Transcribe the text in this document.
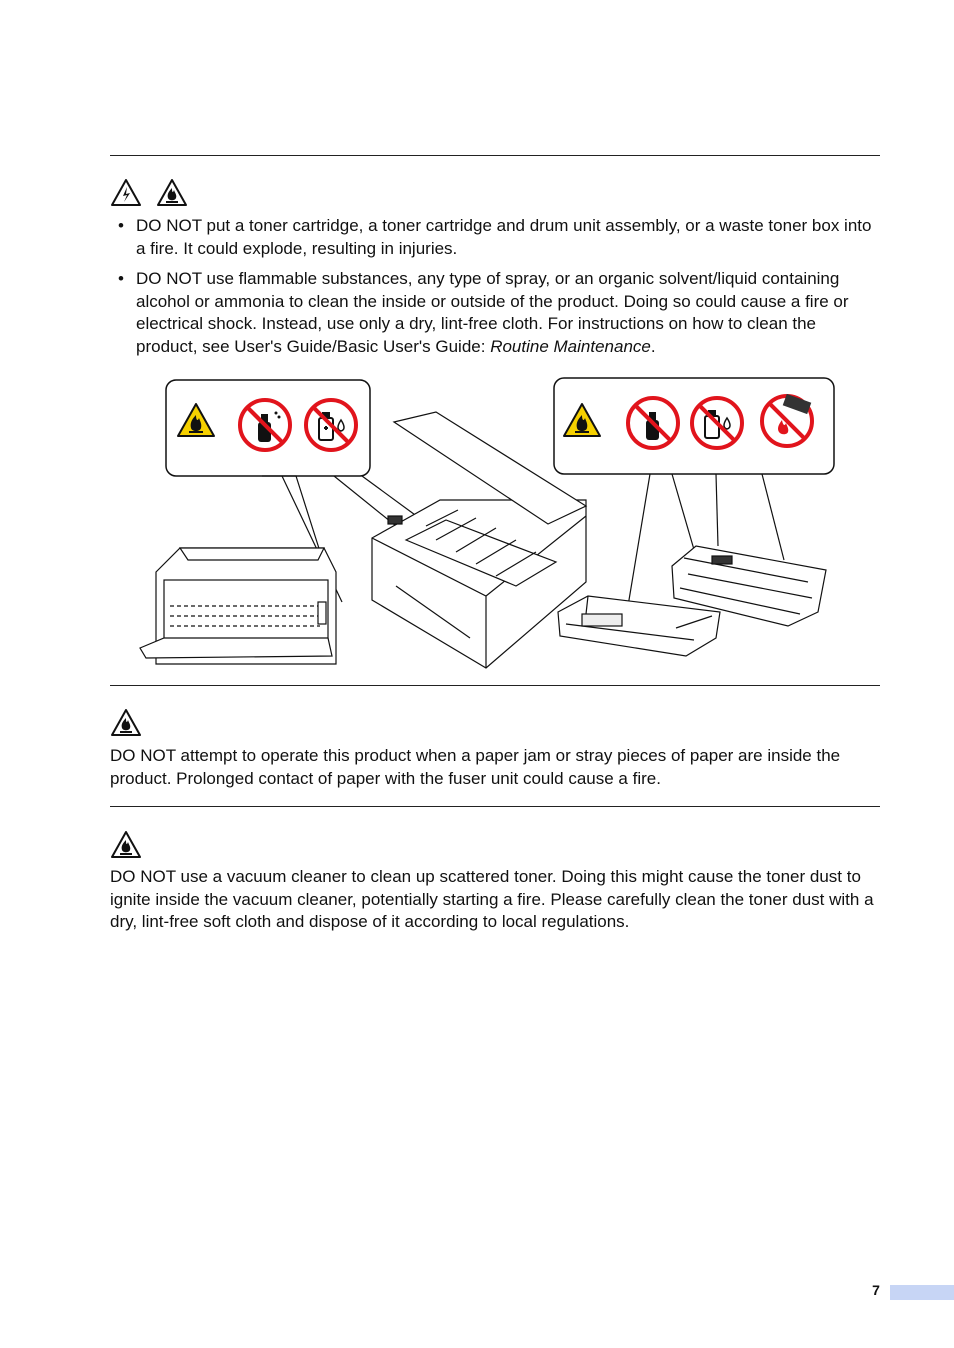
• DO NOT put a toner cartridge, a toner cartridge and drum unit assembly, or a waste toner box into a fire. It could explode, resulting in injuries.
• DO NOT use flammable substances, any type of spray, or an organic solvent/liquid containing alcohol or ammonia to clean the inside or outside of the product. Doing so could cause a fire or electrical shock. Instead, use only a dry, lint-free cloth. For instructions on how to clean the product, see User's Guide/Basic User's Guide: Routine Maintenance.

DO NOT attempt to operate this product when a paper jam or stray pieces of paper are inside the product. Prolonged contact of paper with the fuser unit could cause a fire.

DO NOT use a vacuum cleaner to clean up scattered toner. Doing this might cause the toner dust to ignite inside the vacuum cleaner, potentially starting a fire. Please carefully clean the toner dust with a dry, lint-free soft cloth and dispose of it according to local regulations.

7
